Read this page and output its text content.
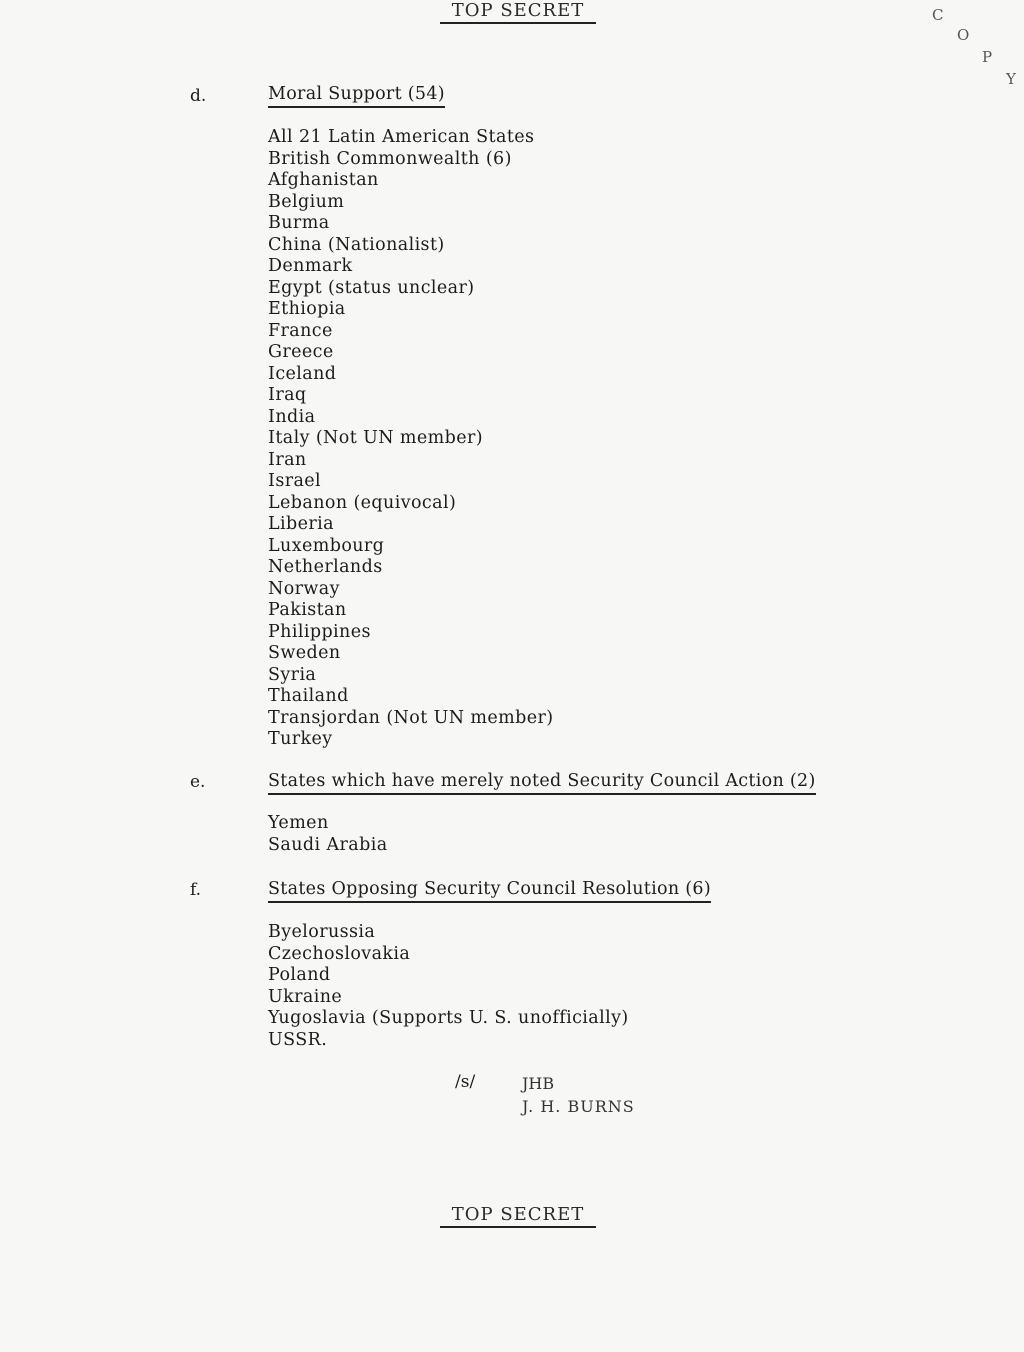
TOP SECRET	C
O
P
Y
d.	Moral Support (54)
All 21 Latin American States
British Commonwealth (6)
Afghanistan
Belgium
Burma
China (Nationalist)
Denmark
Egypt (status unclear)
Ethiopia
France
Greece
Iceland
Iraq
India
Italy (Not UN member)
Iran
Israel
Lebanon (equivocal)
Liberia
Luxembourg
Netherlands
Norway
Pakistan
Philippines
Sweden
Syria
Thailand
Transjordan (Not UN member)
Turkey
e.	States which have merely noted Security Council Action (2)
Yemen
Saudi Arabia
f.	States Opposing Security Council Resolution (6)
Byelorussia
Czechoslovakia
Poland
Ukraine
Yugoslavia (Supports U. S. unofficially)
USSR.
/s/	JHB
J. H. BURNS
TOP SECRET
